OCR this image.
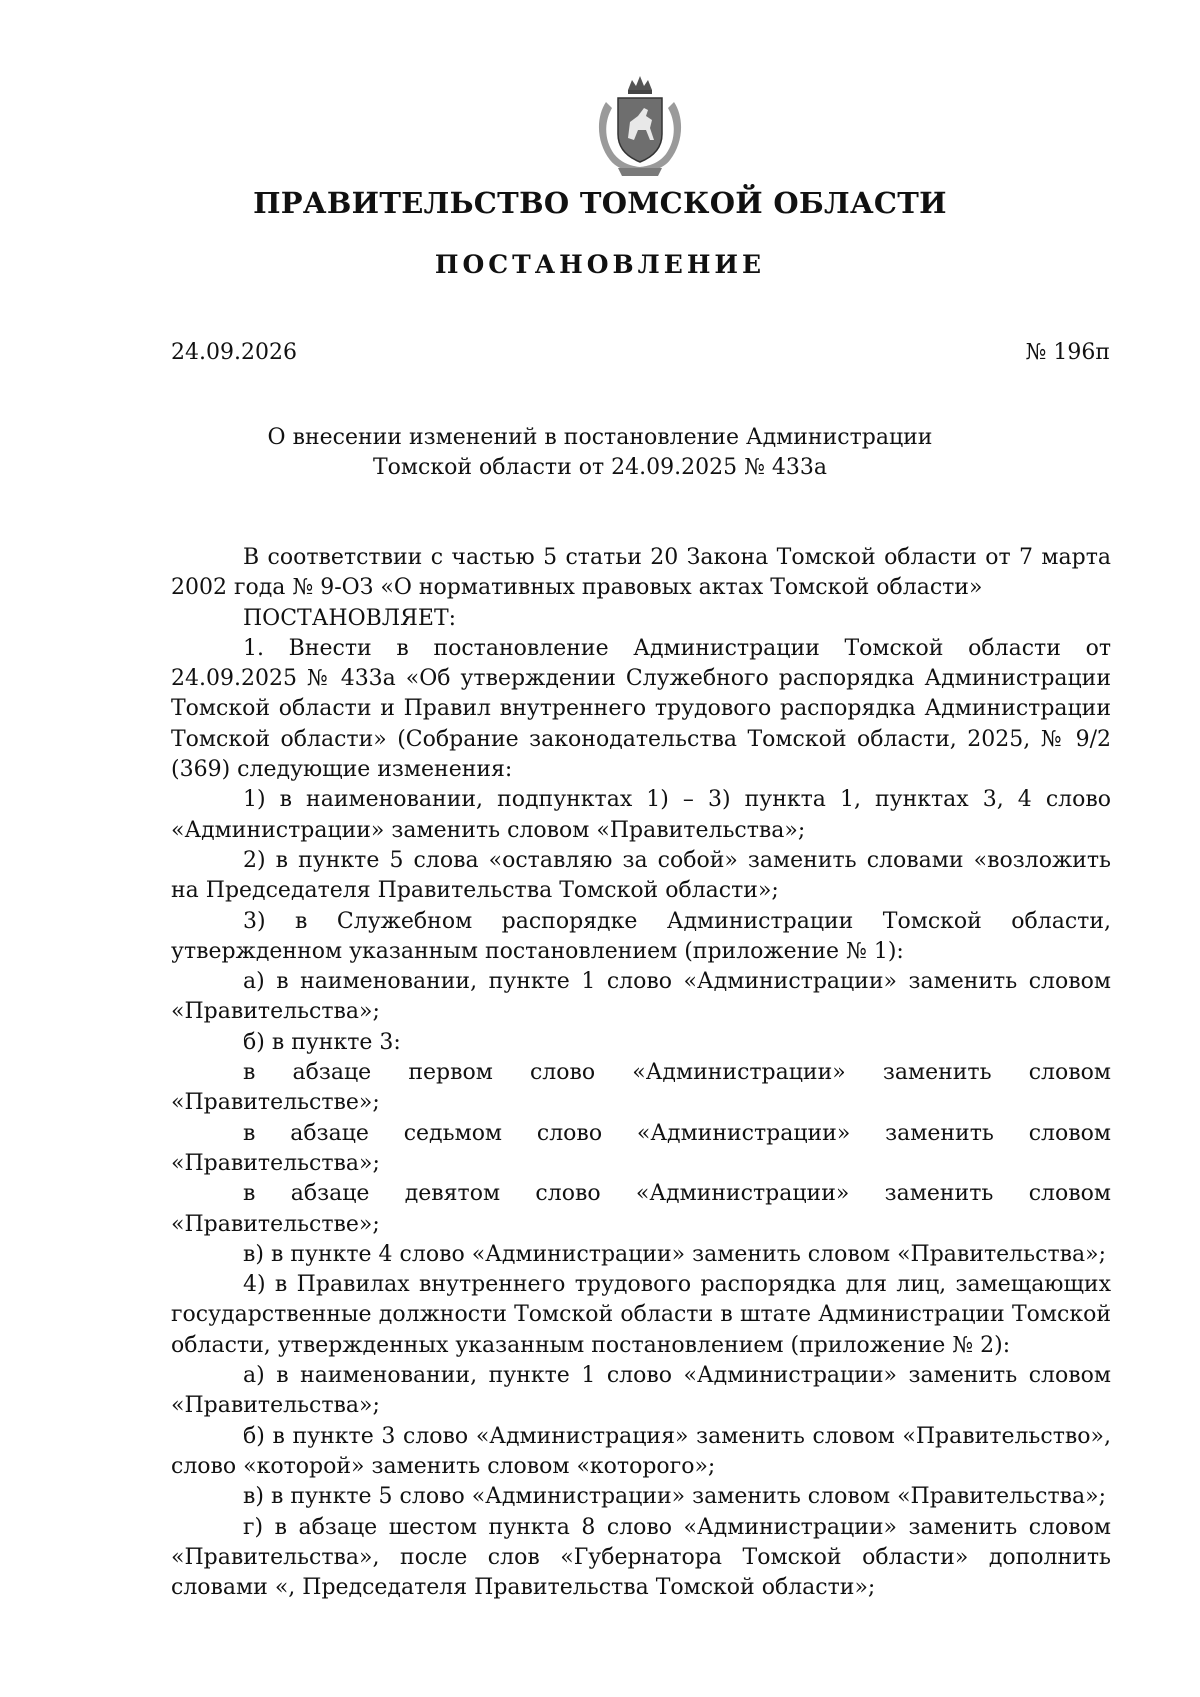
ПРАВИТЕЛЬСТВО ТОМСКОЙ ОБЛАСТИ
ПОСТАНОВЛЕНИЕ
24.09.2026	№ 196п
О внесении изменений в постановление Администрации
Томской области от 24.09.2025 № 433а

В соответствии с частью 5 статьи 20 Закона Томской области от 7 марта 2002 года № 9-ОЗ «О нормативных правовых актах Томской области»

ПОСТАНОВЛЯЕТ:

1. Внести в постановление Администрации Томской области от 24.09.2025 № 433а «Об утверждении Служебного распорядка Администрации Томской области и Правил внутреннего трудового распорядка Администрации Томской области» (Собрание законодательства Томской области, 2025, № 9/2 (369) следующие изменения:

1) в наименовании, подпунктах 1) – 3) пункта 1, пунктах 3, 4 слово «Администрации» заменить словом «Правительства»;

2) в пункте 5 слова «оставляю за собой» заменить словами «возложить на Председателя Правительства Томской области»;

3) в Служебном распорядке Администрации Томской области, утвержденном указанным постановлением (приложение № 1):

а) в наименовании, пункте 1 слово «Администрации» заменить словом «Правительства»;

б) в пункте 3:

в абзаце первом слово «Администрации» заменить словом «Правительстве»;

в абзаце седьмом слово «Администрации» заменить словом «Правительства»;

в абзаце девятом слово «Администрации» заменить словом «Правительстве»;

в) в пункте 4 слово «Администрации» заменить словом «Правительства»;

4) в Правилах внутреннего трудового распорядка для лиц, замещающих государственные должности Томской области в штате Администрации Томской области, утвержденных указанным постановлением (приложение № 2):

а) в наименовании, пункте 1 слово «Администрации» заменить словом «Правительства»;

б) в пункте 3 слово «Администрация» заменить словом «Правительство», слово «которой» заменить словом «которого»;

в) в пункте 5 слово «Администрации» заменить словом «Правительства»;

г) в абзаце шестом пункта 8 слово «Администрации» заменить словом «Правительства», после слов «Губернатора Томской области» дополнить словами «, Председателя Правительства Томской области»;
